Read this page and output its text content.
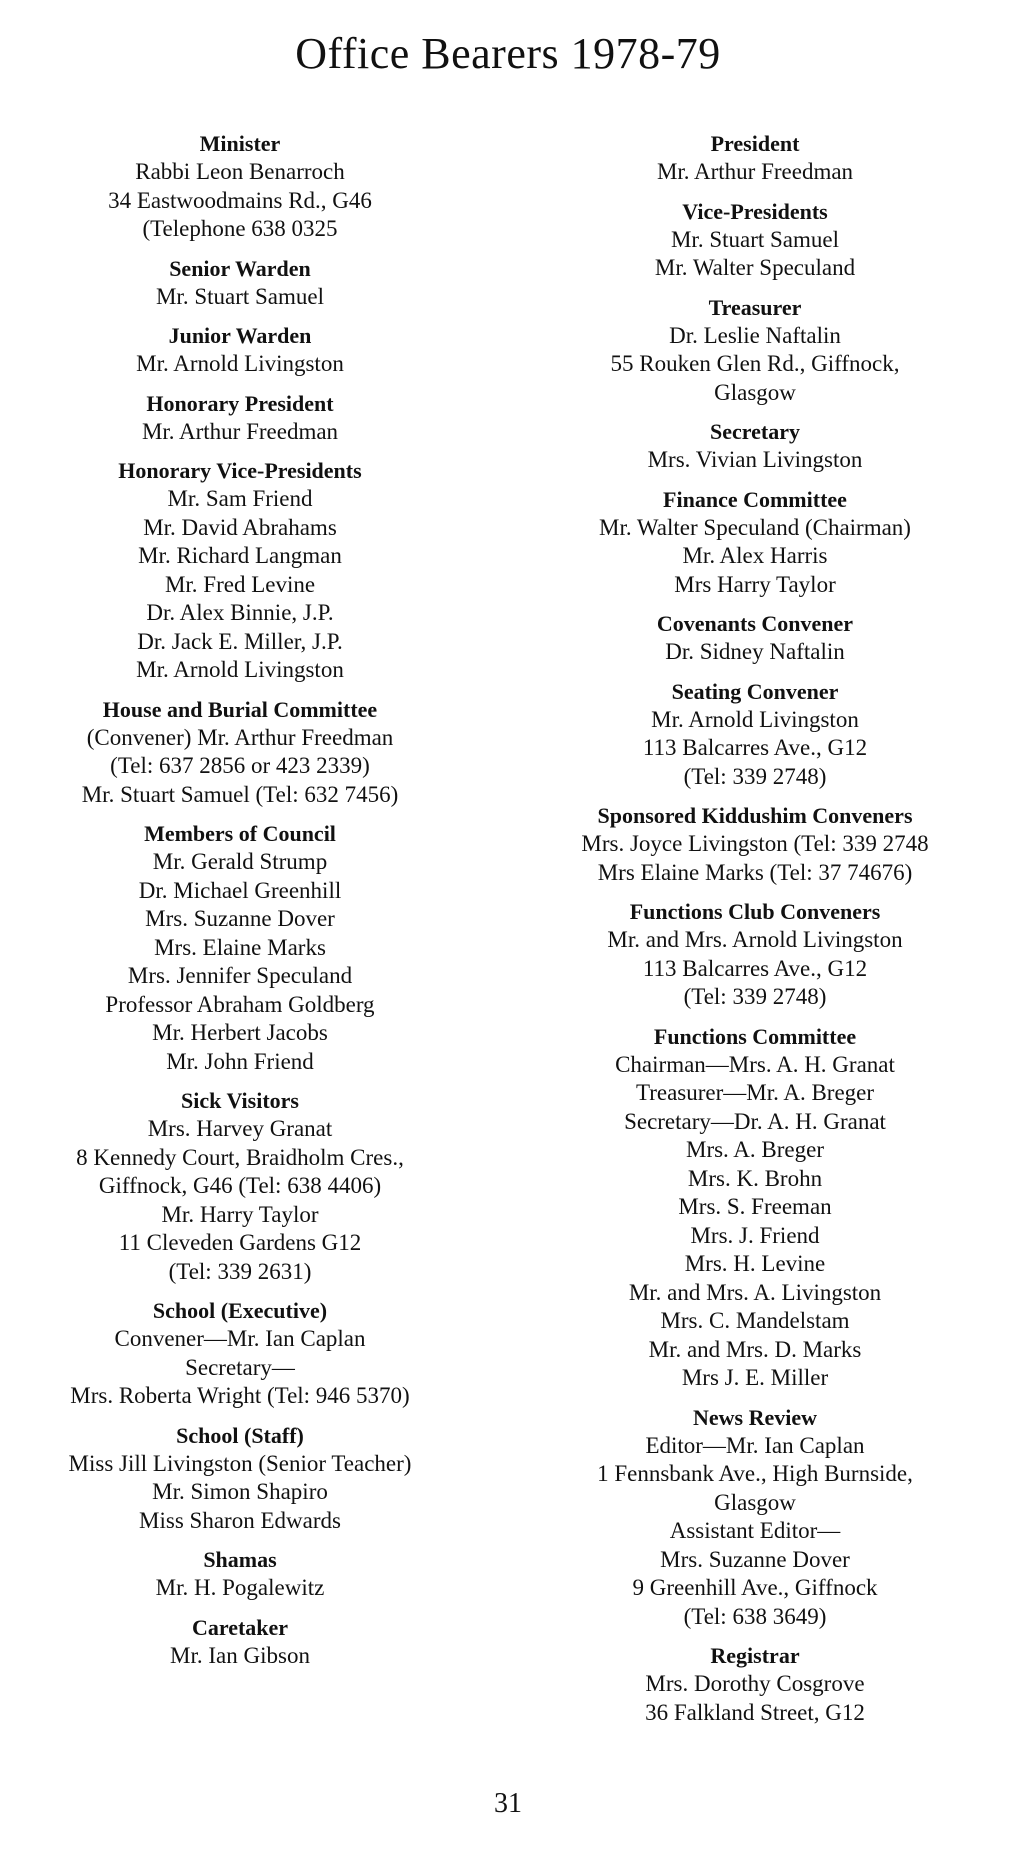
Office Bearers 1978-79
Minister
Rabbi Leon Benarroch
34 Eastwoodmains Rd., G46
(Telephone 638 0325
Senior Warden
Mr. Stuart Samuel
Junior Warden
Mr. Arnold Livingston
Honorary President
Mr. Arthur Freedman
Honorary Vice-Presidents
Mr. Sam Friend
Mr. David Abrahams
Mr. Richard Langman
Mr. Fred Levine
Dr. Alex Binnie, J.P.
Dr. Jack E. Miller, J.P.
Mr. Arnold Livingston
House and Burial Committee
(Convener) Mr. Arthur Freedman
(Tel: 637 2856 or 423 2339)
Mr. Stuart Samuel (Tel: 632 7456)
Members of Council
Mr. Gerald Strump
Dr. Michael Greenhill
Mrs. Suzanne Dover
Mrs. Elaine Marks
Mrs. Jennifer Speculand
Professor Abraham Goldberg
Mr. Herbert Jacobs
Mr. John Friend
Sick Visitors
Mrs. Harvey Granat
8 Kennedy Court, Braidholm Cres.,
Giffnock, G46 (Tel: 638 4406)
Mr. Harry Taylor
11 Cleveden Gardens G12
(Tel: 339 2631)
School (Executive)
Convener—Mr. Ian Caplan
Secretary—
Mrs. Roberta Wright (Tel: 946 5370)
School (Staff)
Miss Jill Livingston (Senior Teacher)
Mr. Simon Shapiro
Miss Sharon Edwards
Shamas
Mr. H. Pogalewitz
Caretaker
Mr. Ian Gibson
President
Mr. Arthur Freedman
Vice-Presidents
Mr. Stuart Samuel
Mr. Walter Speculand
Treasurer
Dr. Leslie Naftalin
55 Rouken Glen Rd., Giffnock,
Glasgow
Secretary
Mrs. Vivian Livingston
Finance Committee
Mr. Walter Speculand (Chairman)
Mr. Alex Harris
Mrs Harry Taylor
Covenants Convener
Dr. Sidney Naftalin
Seating Convener
Mr. Arnold Livingston
113 Balcarres Ave., G12
(Tel: 339 2748)
Sponsored Kiddushim Conveners
Mrs. Joyce Livingston (Tel: 339 2748
Mrs Elaine Marks (Tel: 37 74676)
Functions Club Conveners
Mr. and Mrs. Arnold Livingston
113 Balcarres Ave., G12
(Tel: 339 2748)
Functions Committee
Chairman—Mrs. A. H. Granat
Treasurer—Mr. A. Breger
Secretary—Dr. A. H. Granat
Mrs. A. Breger
Mrs. K. Brohn
Mrs. S. Freeman
Mrs. J. Friend
Mrs. H. Levine
Mr. and Mrs. A. Livingston
Mrs. C. Mandelstam
Mr. and Mrs. D. Marks
Mrs J. E. Miller
News Review
Editor—Mr. Ian Caplan
1 Fennsbank Ave., High Burnside,
Glasgow
Assistant Editor—
Mrs. Suzanne Dover
9 Greenhill Ave., Giffnock
(Tel: 638 3649)
Registrar
Mrs. Dorothy Cosgrove
36 Falkland Street, G12
31
